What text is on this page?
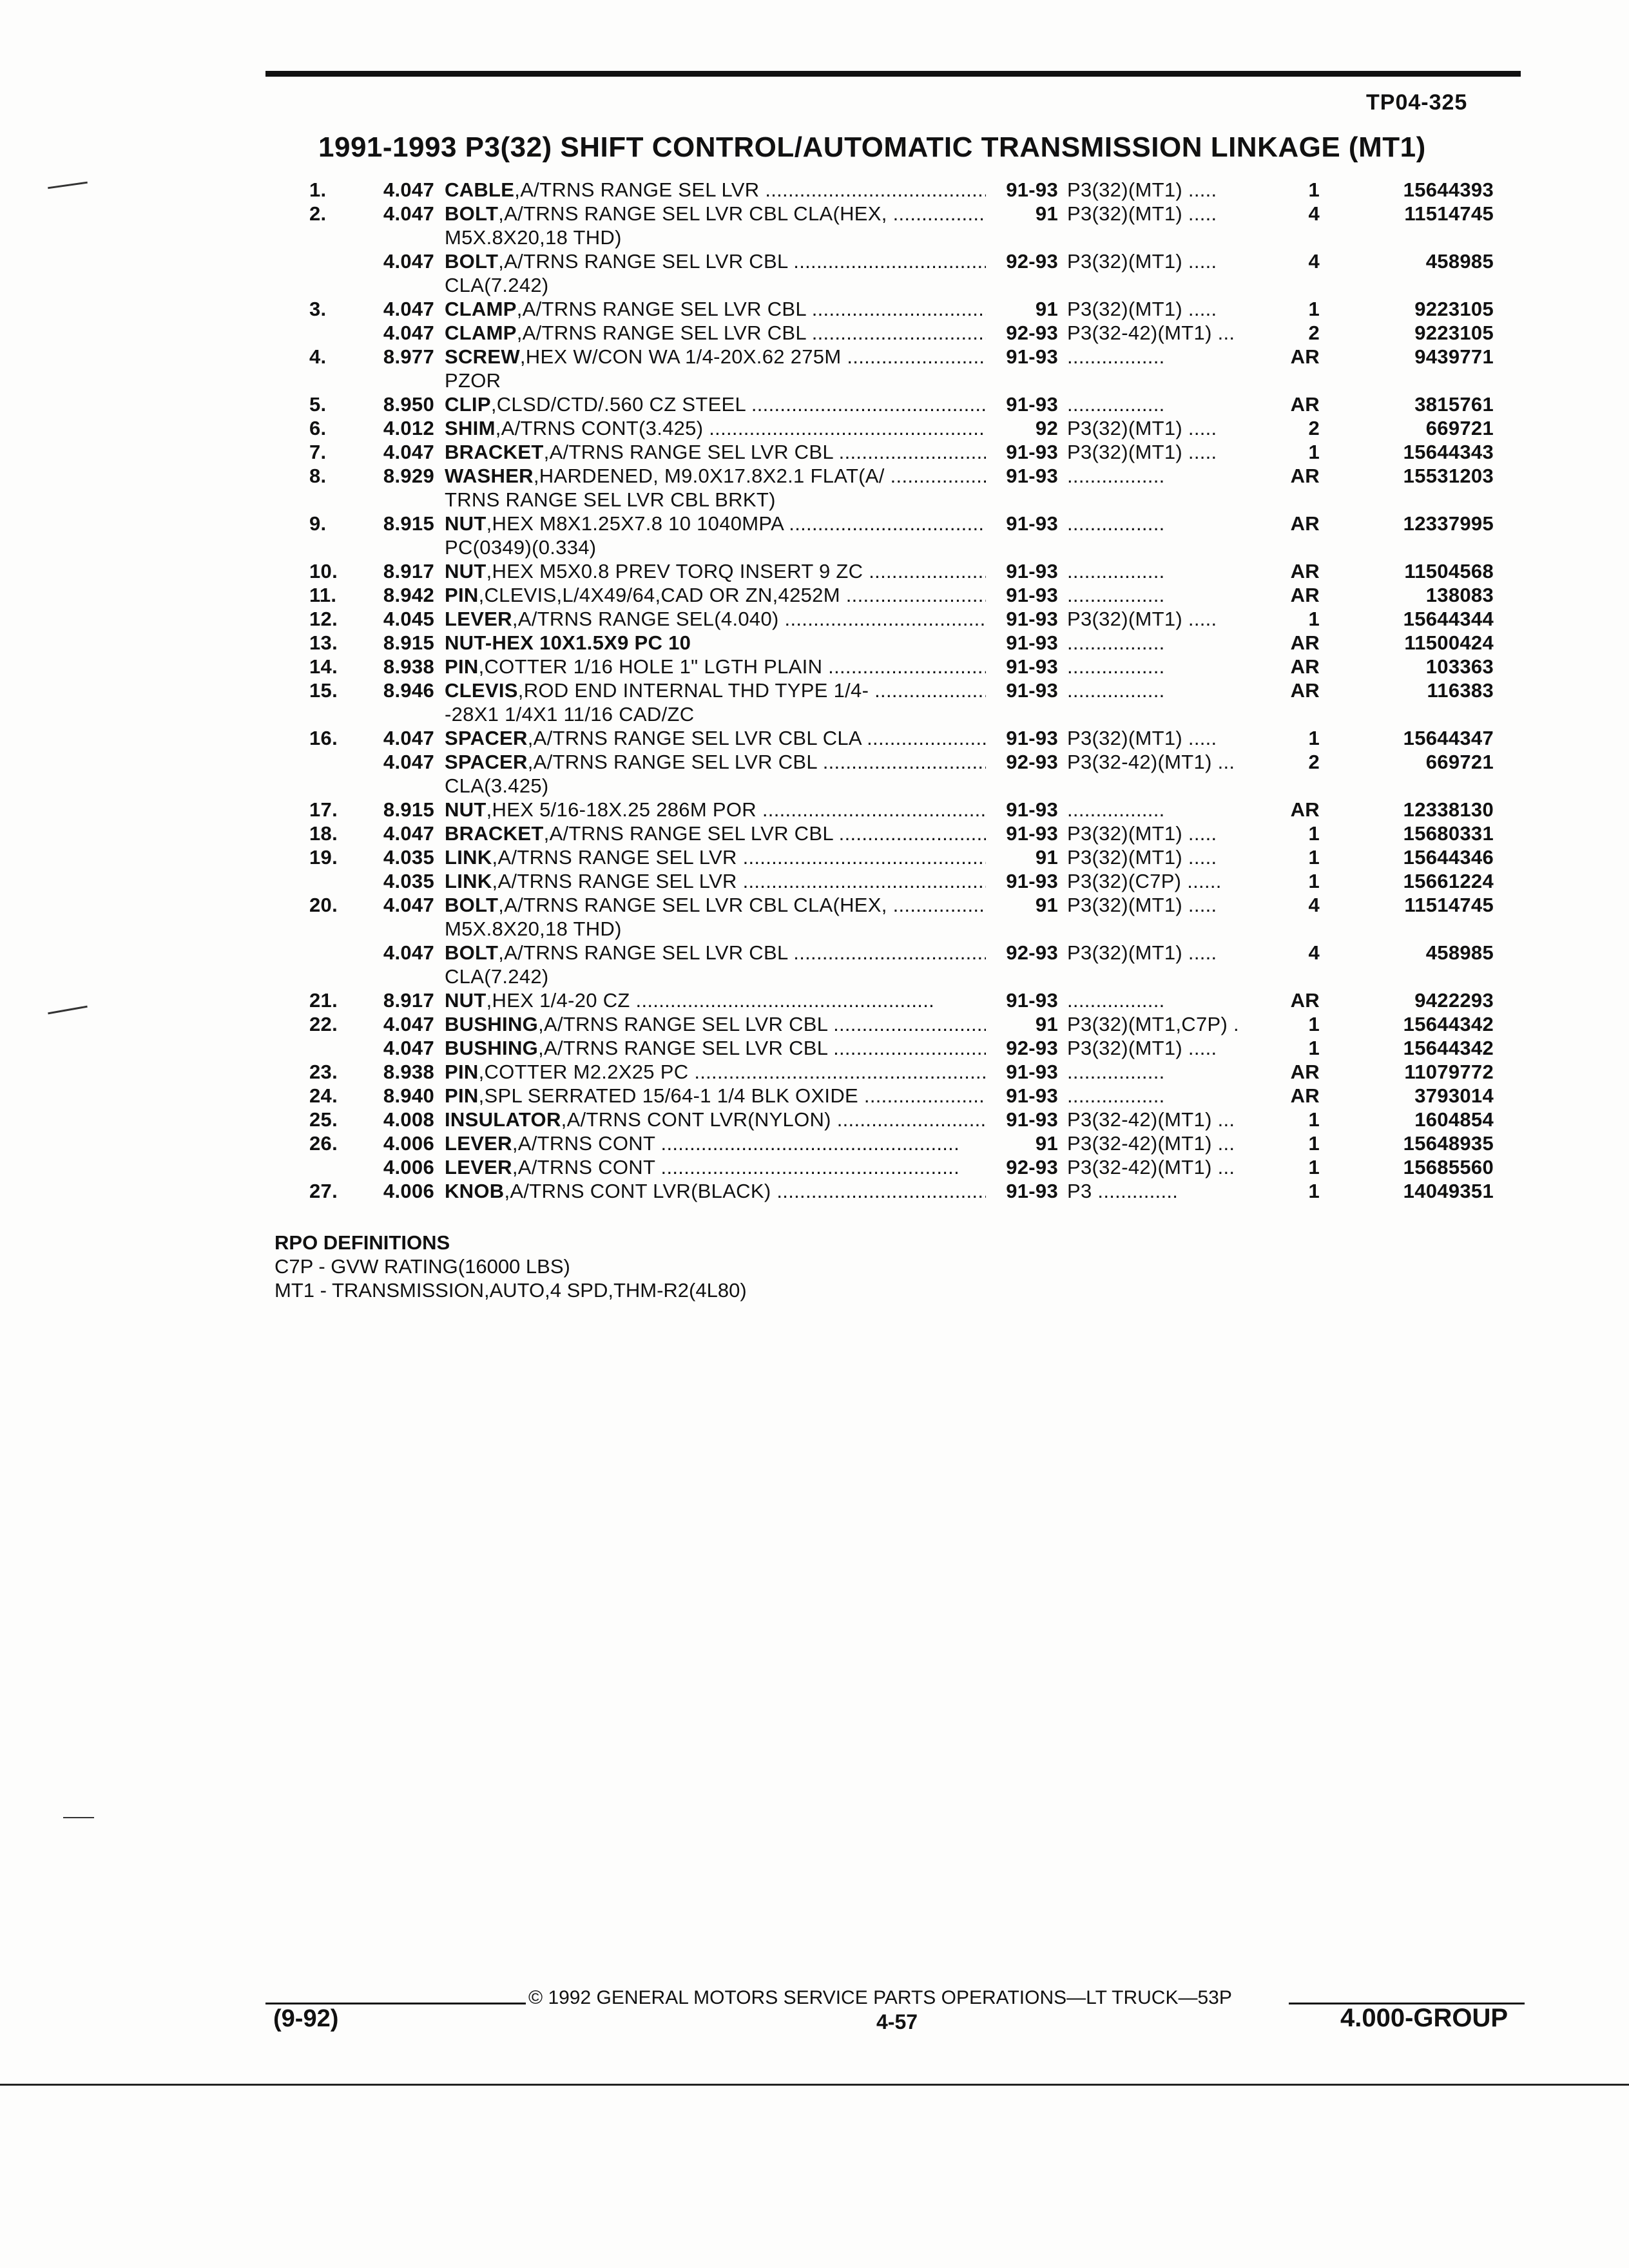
TP04-325
1991-1993 P3(32) SHIFT CONTROL/AUTOMATIC TRANSMISSION LINKAGE (MT1)
1.	4.047 CABLE,A/TRNS RANGE SEL LVR .....	91-93 P3(32)(MT1) .....	1	15644393
2.	4.047 BOLT,A/TRNS RANGE SEL LVR CBL CLA(HEX, .....	91 P3(32)(MT1) .....	4	11514745
M5X.8X20,18 THD)
4.047 BOLT,A/TRNS RANGE SEL LVR CBL .....	92-93 P3(32)(MT1) .....	4	458985
CLA(7.242)
3.	4.047 CLAMP,A/TRNS RANGE SEL LVR CBL .....	91 P3(32)(MT1) .....	1	9223105
4.047 CLAMP,A/TRNS RANGE SEL LVR CBL .....	92-93 P3(32-42)(MT1) ...	2	9223105
4.	8.977 SCREW,HEX W/CON WA 1/4-20X.62 275M .....	91-93 .................	AR	9439771
PZOR
5.	8.950 CLIP,CLSD/CTD/.560 CZ STEEL .....	91-93 .................	AR	3815761
6.	4.012 SHIM,A/TRNS CONT(3.425) .....	92 P3(32)(MT1) .....	2	669721
7.	4.047 BRACKET,A/TRNS RANGE SEL LVR CBL .....	91-93 P3(32)(MT1) .....	1	15644343
8.	8.929 WASHER,HARDENED, M9.0X17.8X2.1 FLAT(A/ .....	91-93 .................	AR	15531203
TRNS RANGE SEL LVR CBL BRKT)
9.	8.915 NUT,HEX M8X1.25X7.8 10 1040MPA .....	91-93 .................	AR	12337995
PC(0349)(0.334)
10.	8.917 NUT,HEX M5X0.8 PREV TORQ INSERT 9 ZC .....	91-93 .................	AR	11504568
11.	8.942 PIN,CLEVIS,L/4X49/64,CAD OR ZN,4252M .....	91-93 .................	AR	138083
12.	4.045 LEVER,A/TRNS RANGE SEL(4.040) .....	91-93 P3(32)(MT1) .....	1	15644344
13.	8.915 NUT-HEX 10X1.5X9 PC 10	91-93 .................	AR	11500424
14.	8.938 PIN,COTTER 1/16 HOLE 1" LGTH PLAIN .....	91-93 .................	AR	103363
15.	8.946 CLEVIS,ROD END INTERNAL THD TYPE 1/4- .....	91-93 .................	AR	116383
-28X1 1/4X1 11/16 CAD/ZC
16.	4.047 SPACER,A/TRNS RANGE SEL LVR CBL CLA .....	91-93 P3(32)(MT1) .....	1	15644347
4.047 SPACER,A/TRNS RANGE SEL LVR CBL .....	92-93 P3(32-42)(MT1) ...	2	669721
CLA(3.425)
17.	8.915 NUT,HEX 5/16-18X.25 286M POR .....	91-93 .................	AR	12338130
18.	4.047 BRACKET,A/TRNS RANGE SEL LVR CBL .....	91-93 P3(32)(MT1) .....	1	15680331
19.	4.035 LINK,A/TRNS RANGE SEL LVR .....	91 P3(32)(MT1) .....	1	15644346
4.035 LINK,A/TRNS RANGE SEL LVR .....	91-93 P3(32)(C7P) ......	1	15661224
20.	4.047 BOLT,A/TRNS RANGE SEL LVR CBL CLA(HEX, .....	91 P3(32)(MT1) .....	4	11514745
M5X.8X20,18 THD)
4.047 BOLT,A/TRNS RANGE SEL LVR CBL .....	92-93 P3(32)(MT1) .....	4	458985
CLA(7.242)
21.	8.917 NUT,HEX 1/4-20 CZ .....	91-93 .................	AR	9422293
22.	4.047 BUSHING,A/TRNS RANGE SEL LVR CBL .....	91 P3(32)(MT1,C7P) .	1	15644342
4.047 BUSHING,A/TRNS RANGE SEL LVR CBL .....	92-93 P3(32)(MT1) .....	1	15644342
23.	8.938 PIN,COTTER M2.2X25 PC .....	91-93 .................	AR	11079772
24.	8.940 PIN,SPL SERRATED 15/64-1 1/4 BLK OXIDE .....	91-93 .................	AR	3793014
25.	4.008 INSULATOR,A/TRNS CONT LVR(NYLON) .....	91-93 P3(32-42)(MT1) ...	1	1604854
26.	4.006 LEVER,A/TRNS CONT .....	91 P3(32-42)(MT1) ...	1	15648935
4.006 LEVER,A/TRNS CONT .....	92-93 P3(32-42)(MT1) ...	1	15685560
27.	4.006 KNOB,A/TRNS CONT LVR(BLACK) .....	91-93 P3 ..............	1	14049351
RPO DEFINITIONS
C7P - GVW RATING(16000 LBS)
MT1 - TRANSMISSION,AUTO,4 SPD,THM-R2(4L80)
© 1992 GENERAL MOTORS SERVICE PARTS OPERATIONS—LT TRUCK—53P
(9-92)	4-57	4.000-GROUP
